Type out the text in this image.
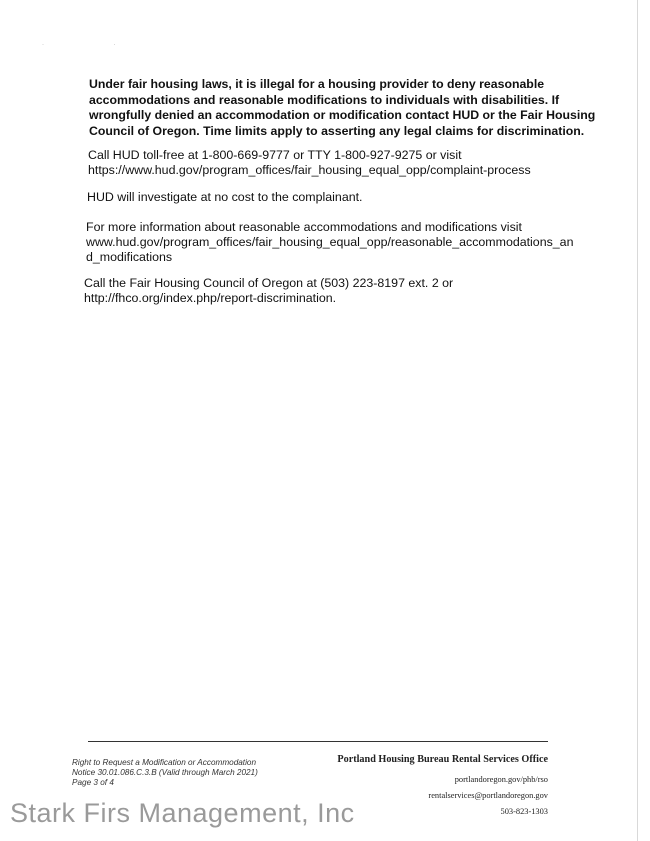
· ·
Under fair housing laws, it is illegal for a housing provider to deny reasonable
accommodations and reasonable modifications to individuals with disabilities. If
wrongfully denied an accommodation or modification contact HUD or the Fair Housing
Council of Oregon. Time limits apply to asserting any legal claims for discrimination.
Call HUD toll-free at 1-800-669-9777 or TTY 1-800-927-9275 or visit
https://www.hud.gov/program_offices/fair_housing_equal_opp/complaint-process
HUD will investigate at no cost to the complainant.
For more information about reasonable accommodations and modifications visit
www.hud.gov/program_offices/fair_housing_equal_opp/reasonable_accommodations_an
d_modifications
Call the Fair Housing Council of Oregon at (503) 223-8197 ext. 2 or
http://fhco.org/index.php/report-discrimination.
Right to Request a Modification or Accommodation
Notice 30.01.086.C.3.B (Valid through March 2021)
Page 3 of 4
Portland Housing Bureau Rental Services Office
portlandoregon.gov/phb/rso
rentalservices@portlandoregon.gov
503-823-1303
Stark Firs Management, Inc
